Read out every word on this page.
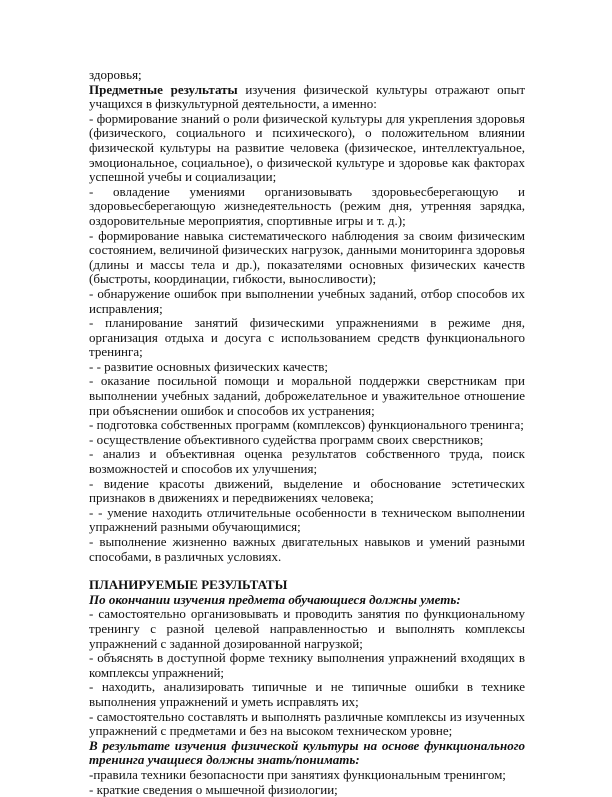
здоровья;

Предметные результаты изучения физической культуры отражают опыт учащихся в физкультурной деятельности, а именно:

- формирование знаний о роли физической культуры для укрепления здоровья (физического, социального и психического), о положительном влиянии физической культуры на развитие человека (физическое, интеллектуальное, эмоциональное, социальное), о физической культуре и здоровье как факторах успешной учебы и социализации;

- овладение умениями организовывать здоровьесберегающую и здоровьесберегающую жизнедеятельность (режим дня, утренняя зарядка, оздоровительные мероприятия, спортивные игры и т. д.);

- формирование навыка систематического наблюдения за своим физическим состоянием, величиной физических нагрузок, данными мониторинга здоровья (длины и массы тела и др.), показателями основных физических качеств (быстроты, координации, гибкости, выносливости);

- обнаружение ошибок при выполнении учебных заданий, отбор способов их исправления;

- планирование занятий физическими упражнениями в режиме дня, организация отдыха и досуга с использованием средств функционального тренинга;

- - развитие основных физических качеств;

- оказание посильной помощи и моральной поддержки сверстникам при выполнении учебных заданий, доброжелательное и уважительное отношение при объяснении ошибок и способов их устранения;

- подготовка собственных программ (комплексов) функционального тренинга;

- осуществление объективного судейства программ своих сверстников;

- анализ и объективная оценка результатов собственного труда, поиск возможностей и способов их улучшения;

- видение красоты движений, выделение и обоснование эстетических признаков в движениях и передвижениях человека;

- - умение находить отличительные особенности в техническом выполнении упражнений разными обучающимися;

- выполнение жизненно важных двигательных навыков и умений разными способами, в различных условиях.

ПЛАНИРУЕМЫЕ РЕЗУЛЬТАТЫ

По окончании изучения предмета обучающиеся должны уметь:

- самостоятельно организовывать и проводить занятия по функциональному тренингу с разной целевой направленностью и выполнять комплексы упражнений с заданной дозированной нагрузкой;

- объяснять в доступной форме технику выполнения упражнений входящих в комплексы упражнений;

- находить, анализировать типичные и не типичные ошибки в технике выполнения упражнений и уметь исправлять их;

- самостоятельно составлять и выполнять различные комплексы из изученных упражнений с предметами и без на высоком техническом уровне;

В результате изучения физической культуры на основе функционального тренинга учащиеся должны знать/понимать:

-правила техники безопасности при занятиях функциональным тренингом;

- краткие сведения о мышечной физиологии;
